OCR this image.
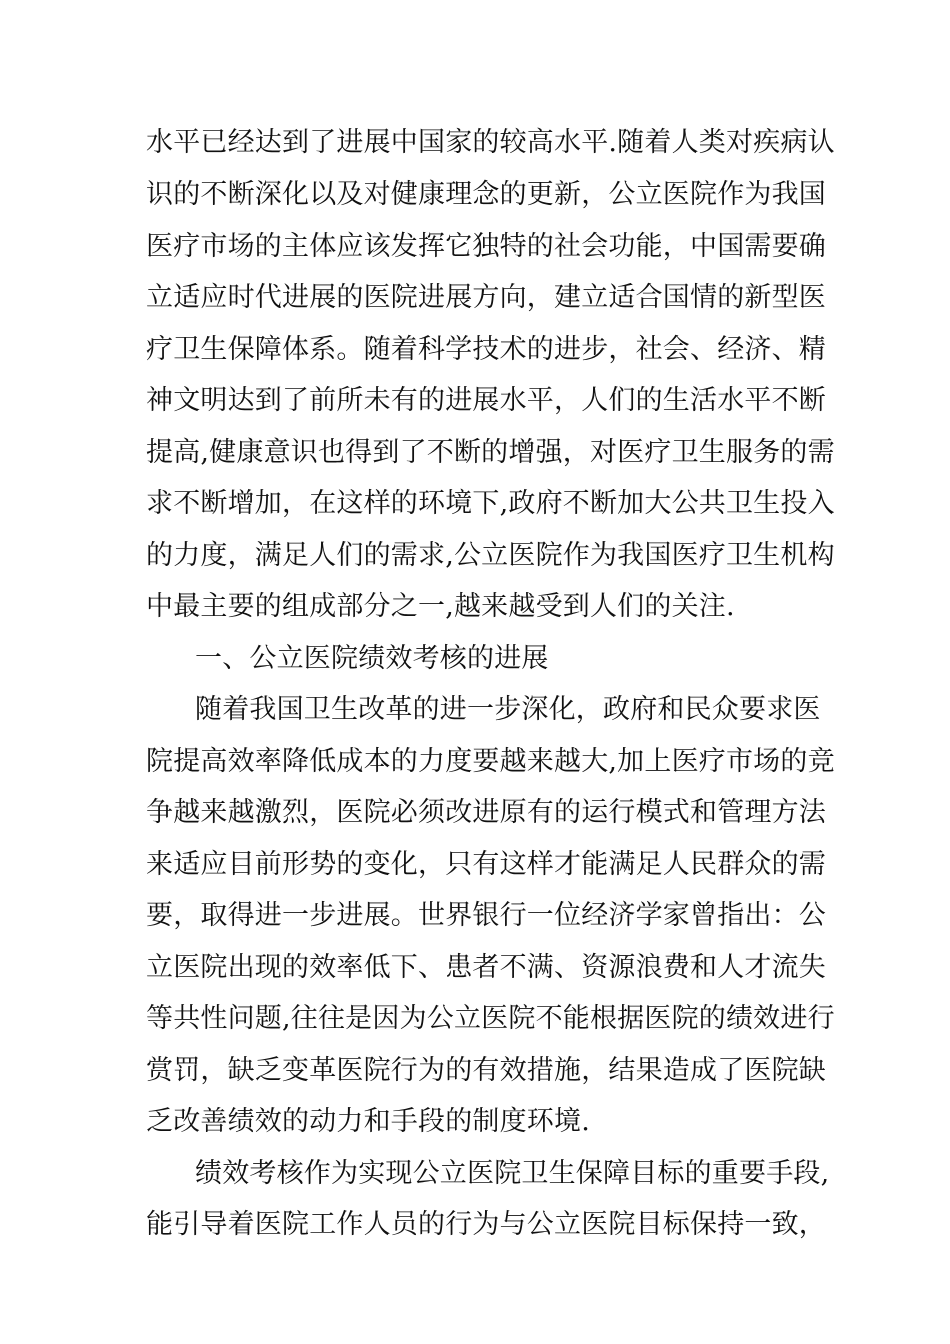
水平已经达到了进展中国家的较高水平.随着人类对疾病认
识的不断深化以及对健康理念的更新，公立医院作为我国
医疗市场的主体应该发挥它独特的社会功能，中国需要确
立适应时代进展的医院进展方向，建立适合国情的新型医
疗卫生保障体系。随着科学技术的进步，社会、经济、精
神文明达到了前所未有的进展水平，人们的生活水平不断
提高,健康意识也得到了不断的增强，对医疗卫生服务的需
求不断增加，在这样的环境下,政府不断加大公共卫生投入
的力度，满足人们的需求,公立医院作为我国医疗卫生机构
中最主要的组成部分之一,越来越受到人们的关注.
一、公立医院绩效考核的进展
随着我国卫生改革的进一步深化，政府和民众要求医
院提高效率降低成本的力度要越来越大,加上医疗市场的竞
争越来越激烈，医院必须改进原有的运行模式和管理方法
来适应目前形势的变化，只有这样才能满足人民群众的需
要，取得进一步进展。世界银行一位经济学家曾指出：公
立医院出现的效率低下、患者不满、资源浪费和人才流失
等共性问题,往往是因为公立医院不能根据医院的绩效进行
赏罚，缺乏变革医院行为的有效措施，结果造成了医院缺
乏改善绩效的动力和手段的制度环境.
绩效考核作为实现公立医院卫生保障目标的重要手段,
能引导着医院工作人员的行为与公立医院目标保持一致，
